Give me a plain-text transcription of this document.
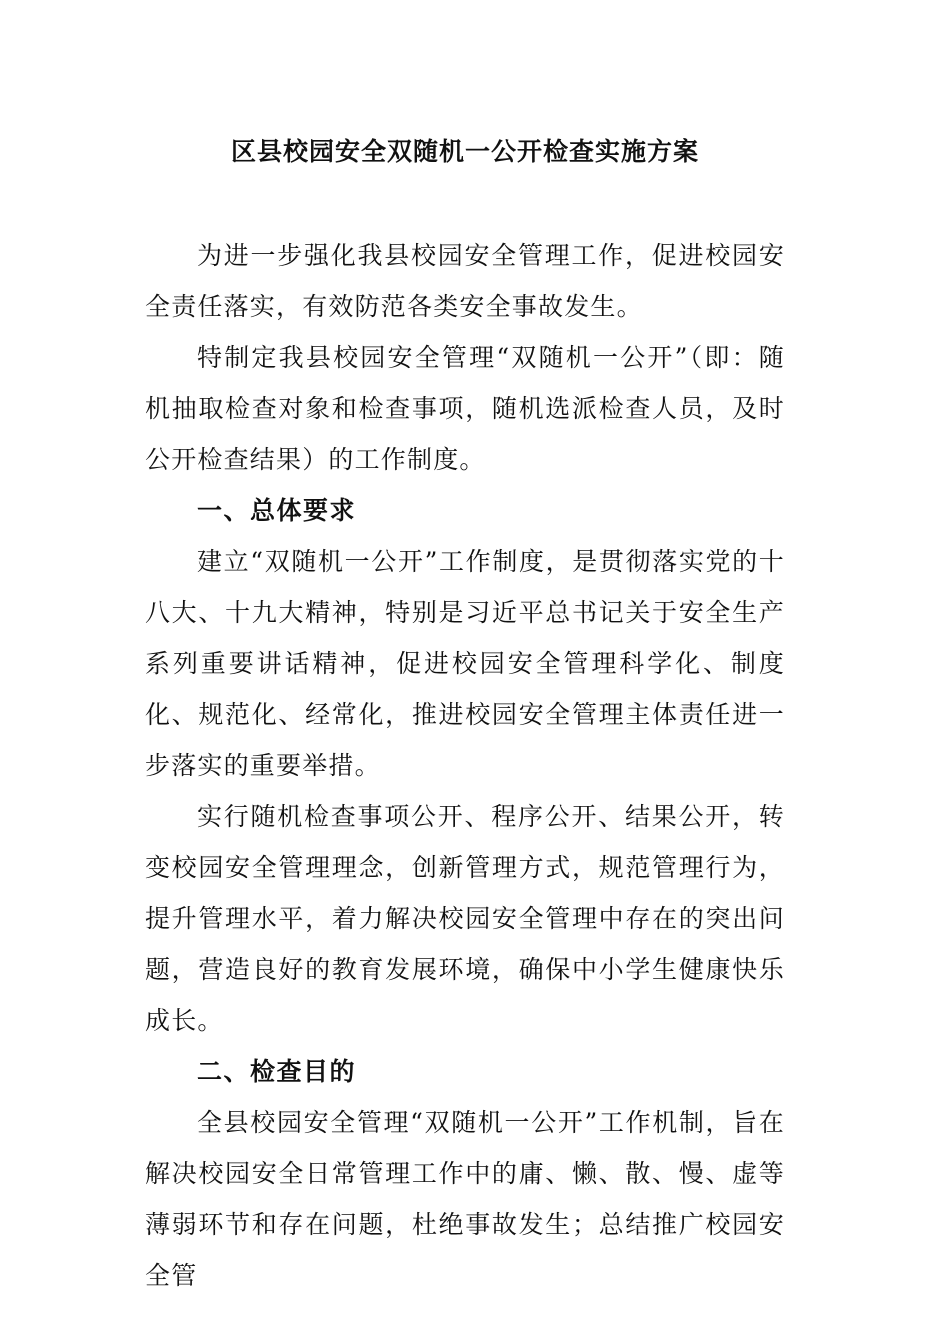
区县校园安全双随机一公开检查实施方案

为进一步强化我县校园安全管理工作，促进校园安全责任落实，有效防范各类安全事故发生。

特制定我县校园安全管理“双随机一公开”（即：随机抽取检查对象和检查事项，随机选派检查人员，及时公开检查结果）的工作制度。

一、总体要求

建立“双随机一公开”工作制度，是贯彻落实党的十八大、十九大精神，特别是习近平总书记关于安全生产系列重要讲话精神，促进校园安全管理科学化、制度化、规范化、经常化，推进校园安全管理主体责任进一步落实的重要举措。

实行随机检查事项公开、程序公开、结果公开，转变校园安全管理理念，创新管理方式，规范管理行为，提升管理水平，着力解决校园安全管理中存在的突出问题，营造良好的教育发展环境，确保中小学生健康快乐成长。

二、检查目的

全县校园安全管理“双随机一公开”工作机制，旨在解决校园安全日常管理工作中的庸、懒、散、慢、虚等薄弱环节和存在问题，杜绝事故发生；总结推广校园安全管
